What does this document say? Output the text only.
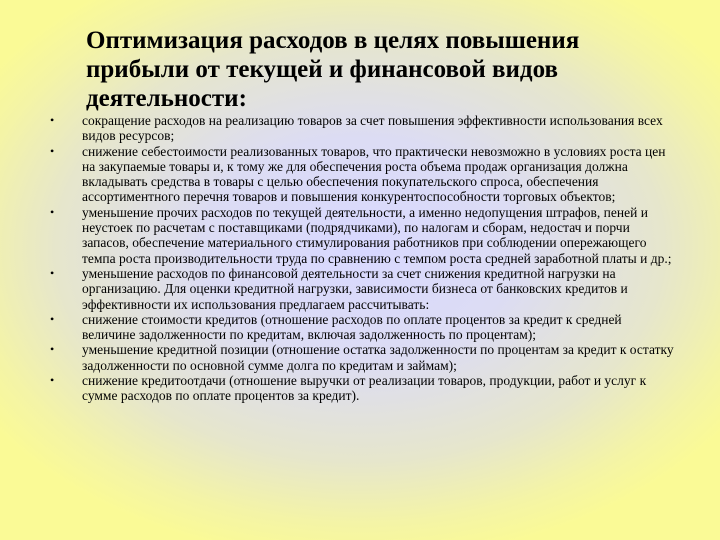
Оптимизация расходов в целях повышения прибыли от текущей и финансовой видов деятельности:
•	сокращение расходов на реализацию товаров за счет повышения эффективности использования всех видов ресурсов;
•	снижение себестоимости реализованных товаров, что практически невозможно в условиях роста цен на закупаемые товары и, к тому же для обеспечения роста объема продаж организация должна вкладывать средства в товары с целью обеспечения покупательского спроса, обеспечения ассортиментного перечня товаров и повышения конкурентоспособности торговых объектов;
•	уменьшение прочих расходов по текущей деятельности, а именно недопущения штрафов, пеней и неустоек по расчетам с поставщиками (подрядчиками), по налогам и сборам, недостач и порчи запасов, обеспечение материального стимулирования работников при соблюдении опережающего темпа роста производительности труда по сравнению с темпом роста средней заработной платы и др.;
•	уменьшение расходов по финансовой деятельности за счет снижения кредитной нагрузки на организацию. Для оценки кредитной нагрузки, зависимости бизнеса от банковских кредитов и эффективности их использования предлагаем рассчитывать:
•	снижение стоимости кредитов (отношение расходов по оплате процентов за кредит к средней величине задолженности по кредитам, включая задолженность по процентам);
•	уменьшение кредитной позиции (отношение остатка задолженности по процентам за кредит к остатку задолженности по основной сумме долга по кредитам и займам);
•	снижение кредитоотдачи (отношение выручки от реализации товаров, продукции, работ и услуг к сумме расходов по оплате процентов за кредит).
